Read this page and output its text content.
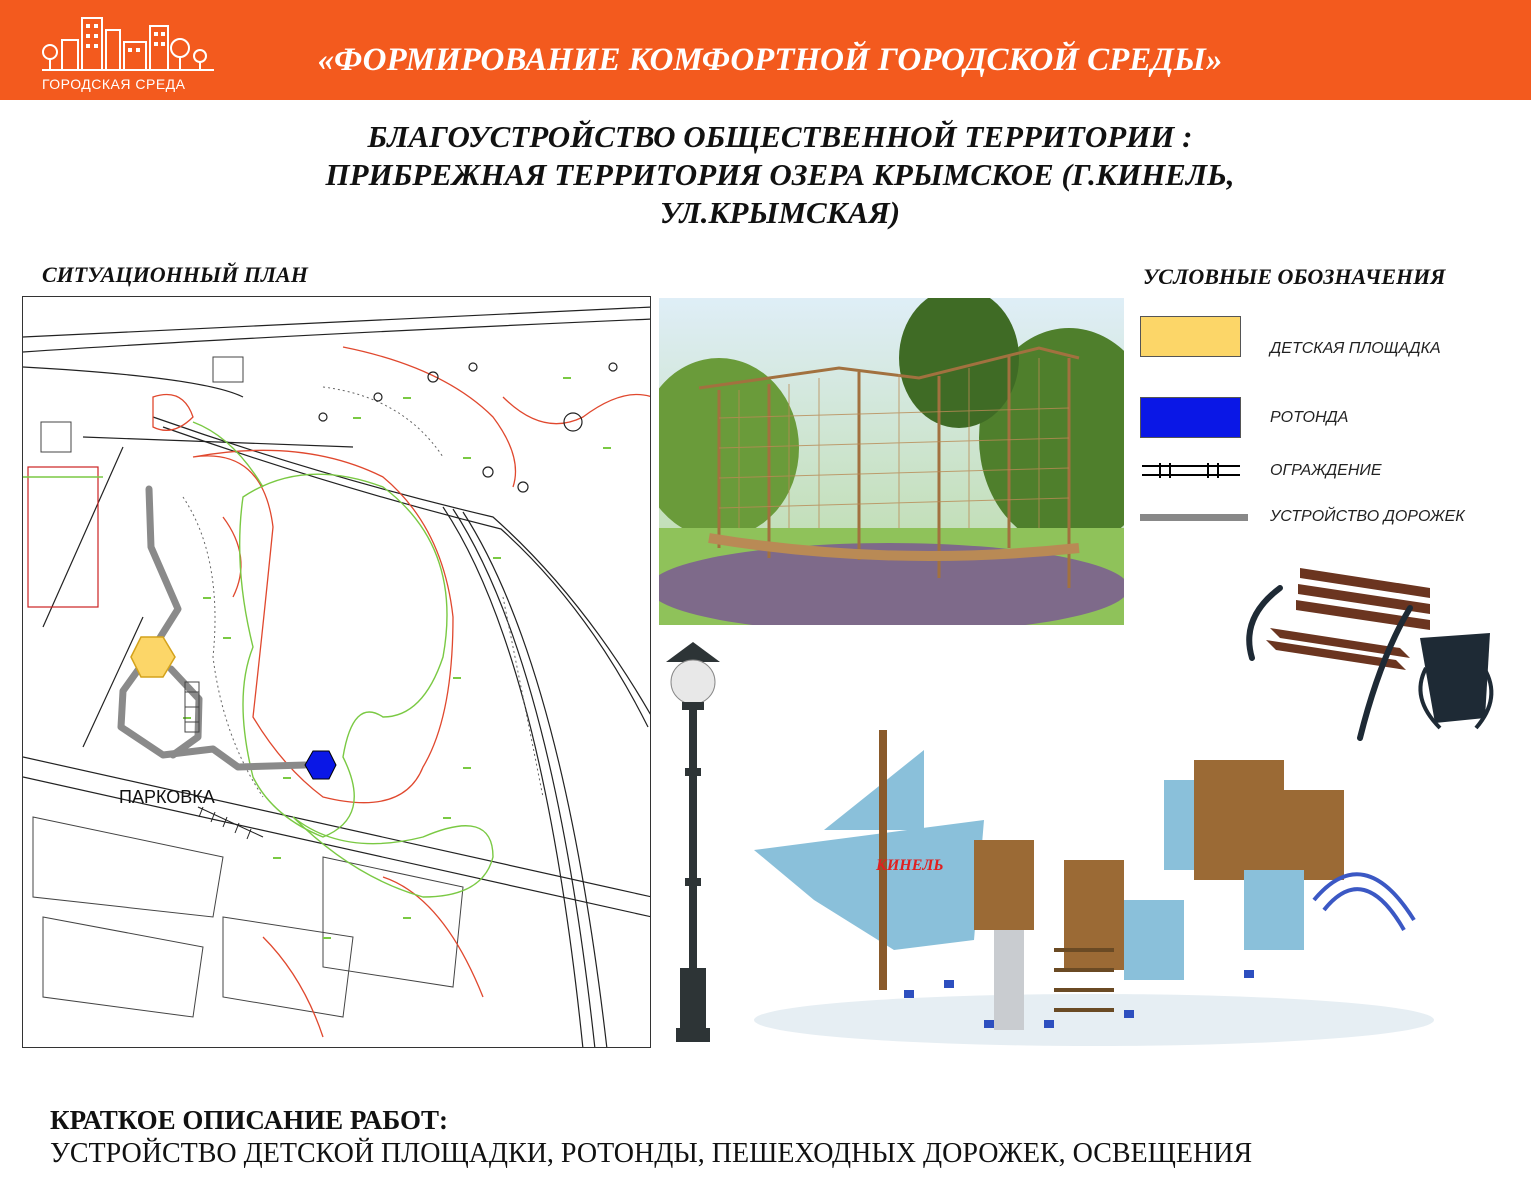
ГОРОДСКАЯ СРЕДА
«ФОРМИРОВАНИЕ КОМФОРТНОЙ ГОРОДСКОЙ СРЕДЫ»
БЛАГОУСТРОЙСТВО ОБЩЕСТВЕННОЙ ТЕРРИТОРИИ :
ПРИБРЕЖНАЯ ТЕРРИТОРИЯ ОЗЕРА КРЫМСКОЕ (Г.КИНЕЛЬ,
УЛ.КРЫМСКАЯ)
СИТУАЦИОННЫЙ ПЛАН	УСЛОВНЫЕ ОБОЗНАЧЕНИЯ
ПАРКОВКА
ДЕТСКАЯ ПЛОЩАДКА
РОТОНДА
ОГРАЖДЕНИЕ
УСТРОЙСТВО ДОРОЖЕК
КИНЕЛЬ
КРАТКОЕ ОПИСАНИЕ РАБОТ:
УСТРОЙСТВО ДЕТСКОЙ ПЛОЩАДКИ, РОТОНДЫ, ПЕШЕХОДНЫХ ДОРОЖЕК, ОСВЕЩЕНИЯ
